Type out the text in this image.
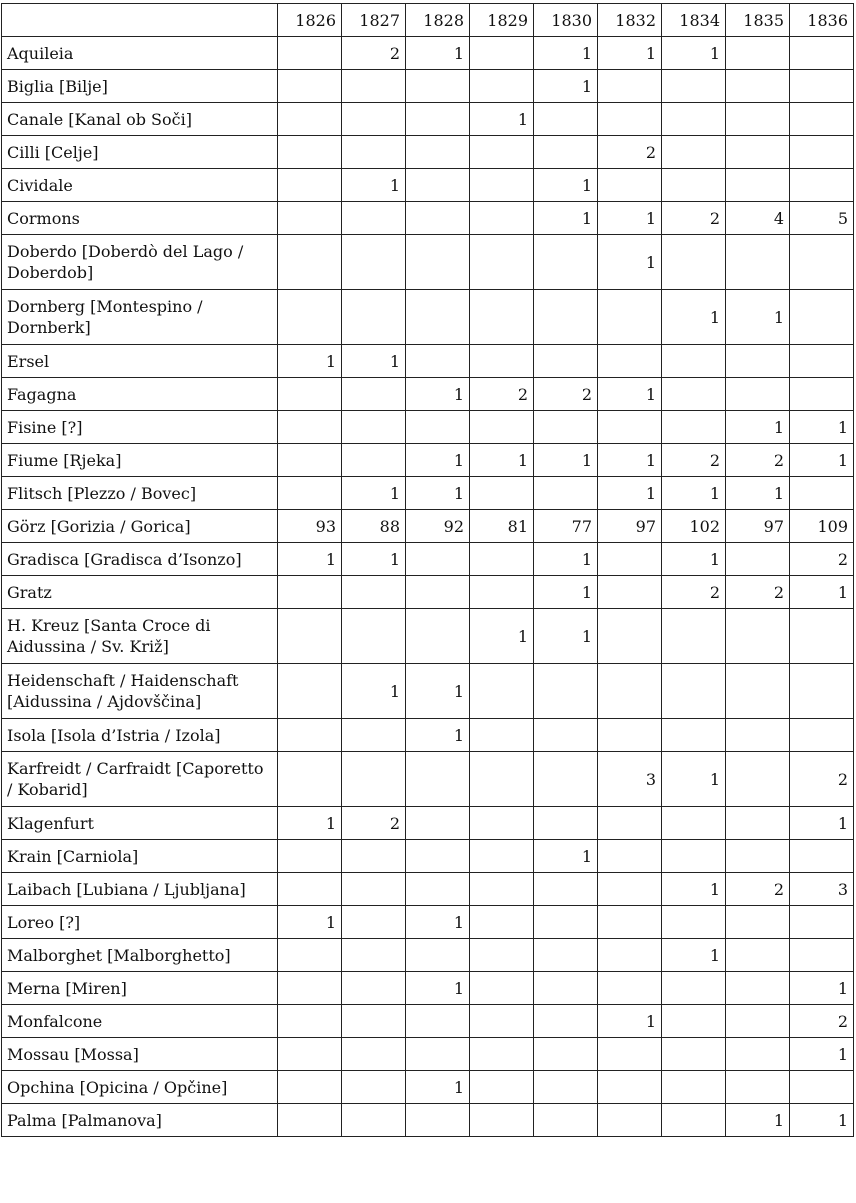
	1826	1827	1828	1829	1830	1832	1834	1835	1836
Aquileia		2	1		1	1	1		
Biglia [Bilje]					1				
Canale [Kanal ob Soči]				1					
Cilli [Celje]						2			
Cividale		1			1				
Cormons					1	1	2	4	5
Doberdo [Doberdò del Lago / Doberdob]						1			
Dornberg [Montespino / Dornberk]							1	1	
Ersel	1	1							
Fagagna			1	2	2	1			
Fisine [?]								1	1
Fiume [Rjeka]			1	1	1	1	2	2	1
Flitsch [Plezzo / Bovec]		1	1			1	1	1	
Görz [Gorizia / Gorica]	93	88	92	81	77	97	102	97	109
Gradisca [Gradisca d’Isonzo]	1	1			1		1		2
Gratz					1		2	2	1
H. Kreuz [Santa Croce di Aidussina / Sv. Križ]				1	1				
Heidenschaft / Haidenschaft [Aidussina / Ajdovščina]		1	1						
Isola [Isola d’Istria / Izola]			1						
Karfreidt / Carfraidt [Caporetto / Kobarid]						3	1		2
Klagenfurt	1	2							1
Krain [Carniola]					1				
Laibach [Lubiana / Ljubljana]							1	2	3
Loreo [?]	1		1						
Malborghet [Malborghetto]							1		
Merna [Miren]			1						1
Monfalcone						1			2
Mossau [Mossa]									1
Opchina [Opicina / Opčine]			1						
Palma [Palmanova]								1	1
